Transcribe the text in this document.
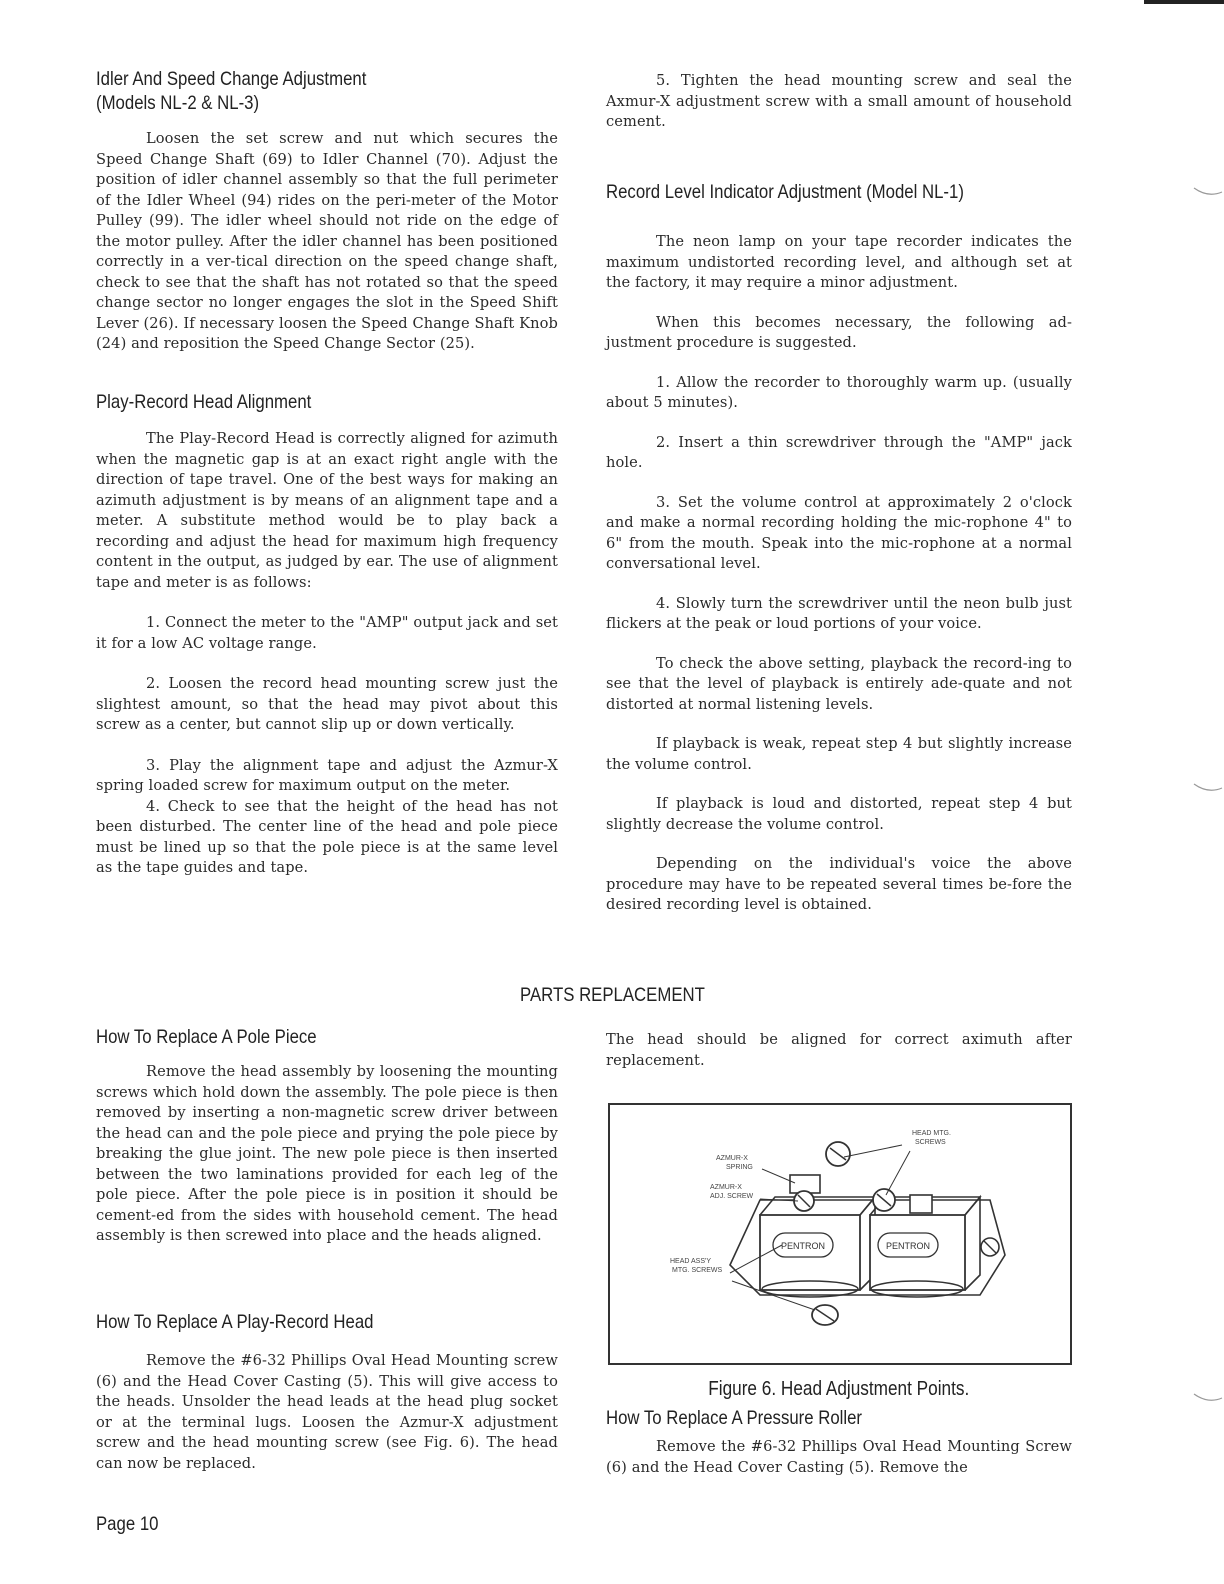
Idler And Speed Change Adjustment
(Models NL-2 & NL-3)

Loosen the set screw and nut which secures the Speed Change Shaft (69) to Idler Channel (70). Adjust the position of idler channel assembly so that the full perimeter of the Idler Wheel (94) rides on the peri-meter of the Motor Pulley (99). The idler wheel should not ride on the edge of the motor pulley. After the idler channel has been positioned correctly in a ver-tical direction on the speed change shaft, check to see that the shaft has not rotated so that the speed change sector no longer engages the slot in the Speed Shift Lever (26). If necessary loosen the Speed Change Shaft Knob (24) and reposition the Speed Change Sector (25).

Play-Record Head Alignment

The Play-Record Head is correctly aligned for azimuth when the magnetic gap is at an exact right angle with the direction of tape travel. One of the best ways for making an azimuth adjustment is by means of an alignment tape and a meter. A substitute method would be to play back a recording and adjust the head for maximum high frequency content in the output, as judged by ear. The use of alignment tape and meter is as follows:

1. Connect the meter to the "AMP" output jack and set it for a low AC voltage range.

2. Loosen the record head mounting screw just the slightest amount, so that the head may pivot about this screw as a center, but cannot slip up or down vertically.

3. Play the alignment tape and adjust the Azmur-X spring loaded screw for maximum output on the meter.

4. Check to see that the height of the head has not been disturbed. The center line of the head and pole piece must be lined up so that the pole piece is at the same level as the tape guides and tape.

5. Tighten the head mounting screw and seal the Axmur-X adjustment screw with a small amount of household cement.

Record Level Indicator Adjustment (Model NL-1)

The neon lamp on your tape recorder indicates the maximum undistorted recording level, and although set at the factory, it may require a minor adjustment.

When this becomes necessary, the following ad-justment procedure is suggested.

1. Allow the recorder to thoroughly warm up. (usually about 5 minutes).

2. Insert a thin screwdriver through the "AMP" jack hole.

3. Set the volume control at approximately 2 o'clock and make a normal recording holding the mic-rophone 4" to 6" from the mouth. Speak into the mic-rophone at a normal conversational level.

4. Slowly turn the screwdriver until the neon bulb just flickers at the peak or loud portions of your voice.

To check the above setting, playback the record-ing to see that the level of playback is entirely ade-quate and not distorted at normal listening levels.

If playback is weak, repeat step 4 but slightly increase the volume control.

If playback is loud and distorted, repeat step 4 but slightly decrease the volume control.

Depending on the individual's voice the above procedure may have to be repeated several times be-fore the desired recording level is obtained.

PARTS REPLACEMENT
How To Replace A Pole Piece

Remove the head assembly by loosening the mounting screws which hold down the assembly. The pole piece is then removed by inserting a non-magnetic screw driver between the head can and the pole piece and prying the pole piece by breaking the glue joint. The new pole piece is then inserted between the two laminations provided for each leg of the pole piece. After the pole piece is in position it should be cement-ed from the sides with household cement. The head assembly is then screwed into place and the heads aligned.

How To Replace A Play-Record Head

Remove the #6-32 Phillips Oval Head Mounting screw (6) and the Head Cover Casting (5). This will give access to the heads. Unsolder the head leads at the head plug socket or at the terminal lugs. Loosen the Azmur-X adjustment screw and the head mounting screw (see Fig. 6). The head can now be replaced.

The head should be aligned for correct aximuth after replacement.

PENTRON	PENTRON
HEAD MTG.
SCREWS
AZMUR-X
SPRING
AZMUR-X
ADJ. SCREW
HEAD ASS'Y
MTG. SCREWS
Figure 6. Head Adjustment Points.
How To Replace A Pressure Roller

Remove the #6-32 Phillips Oval Head Mounting Screw (6) and the Head Cover Casting (5). Remove the

Page 10
